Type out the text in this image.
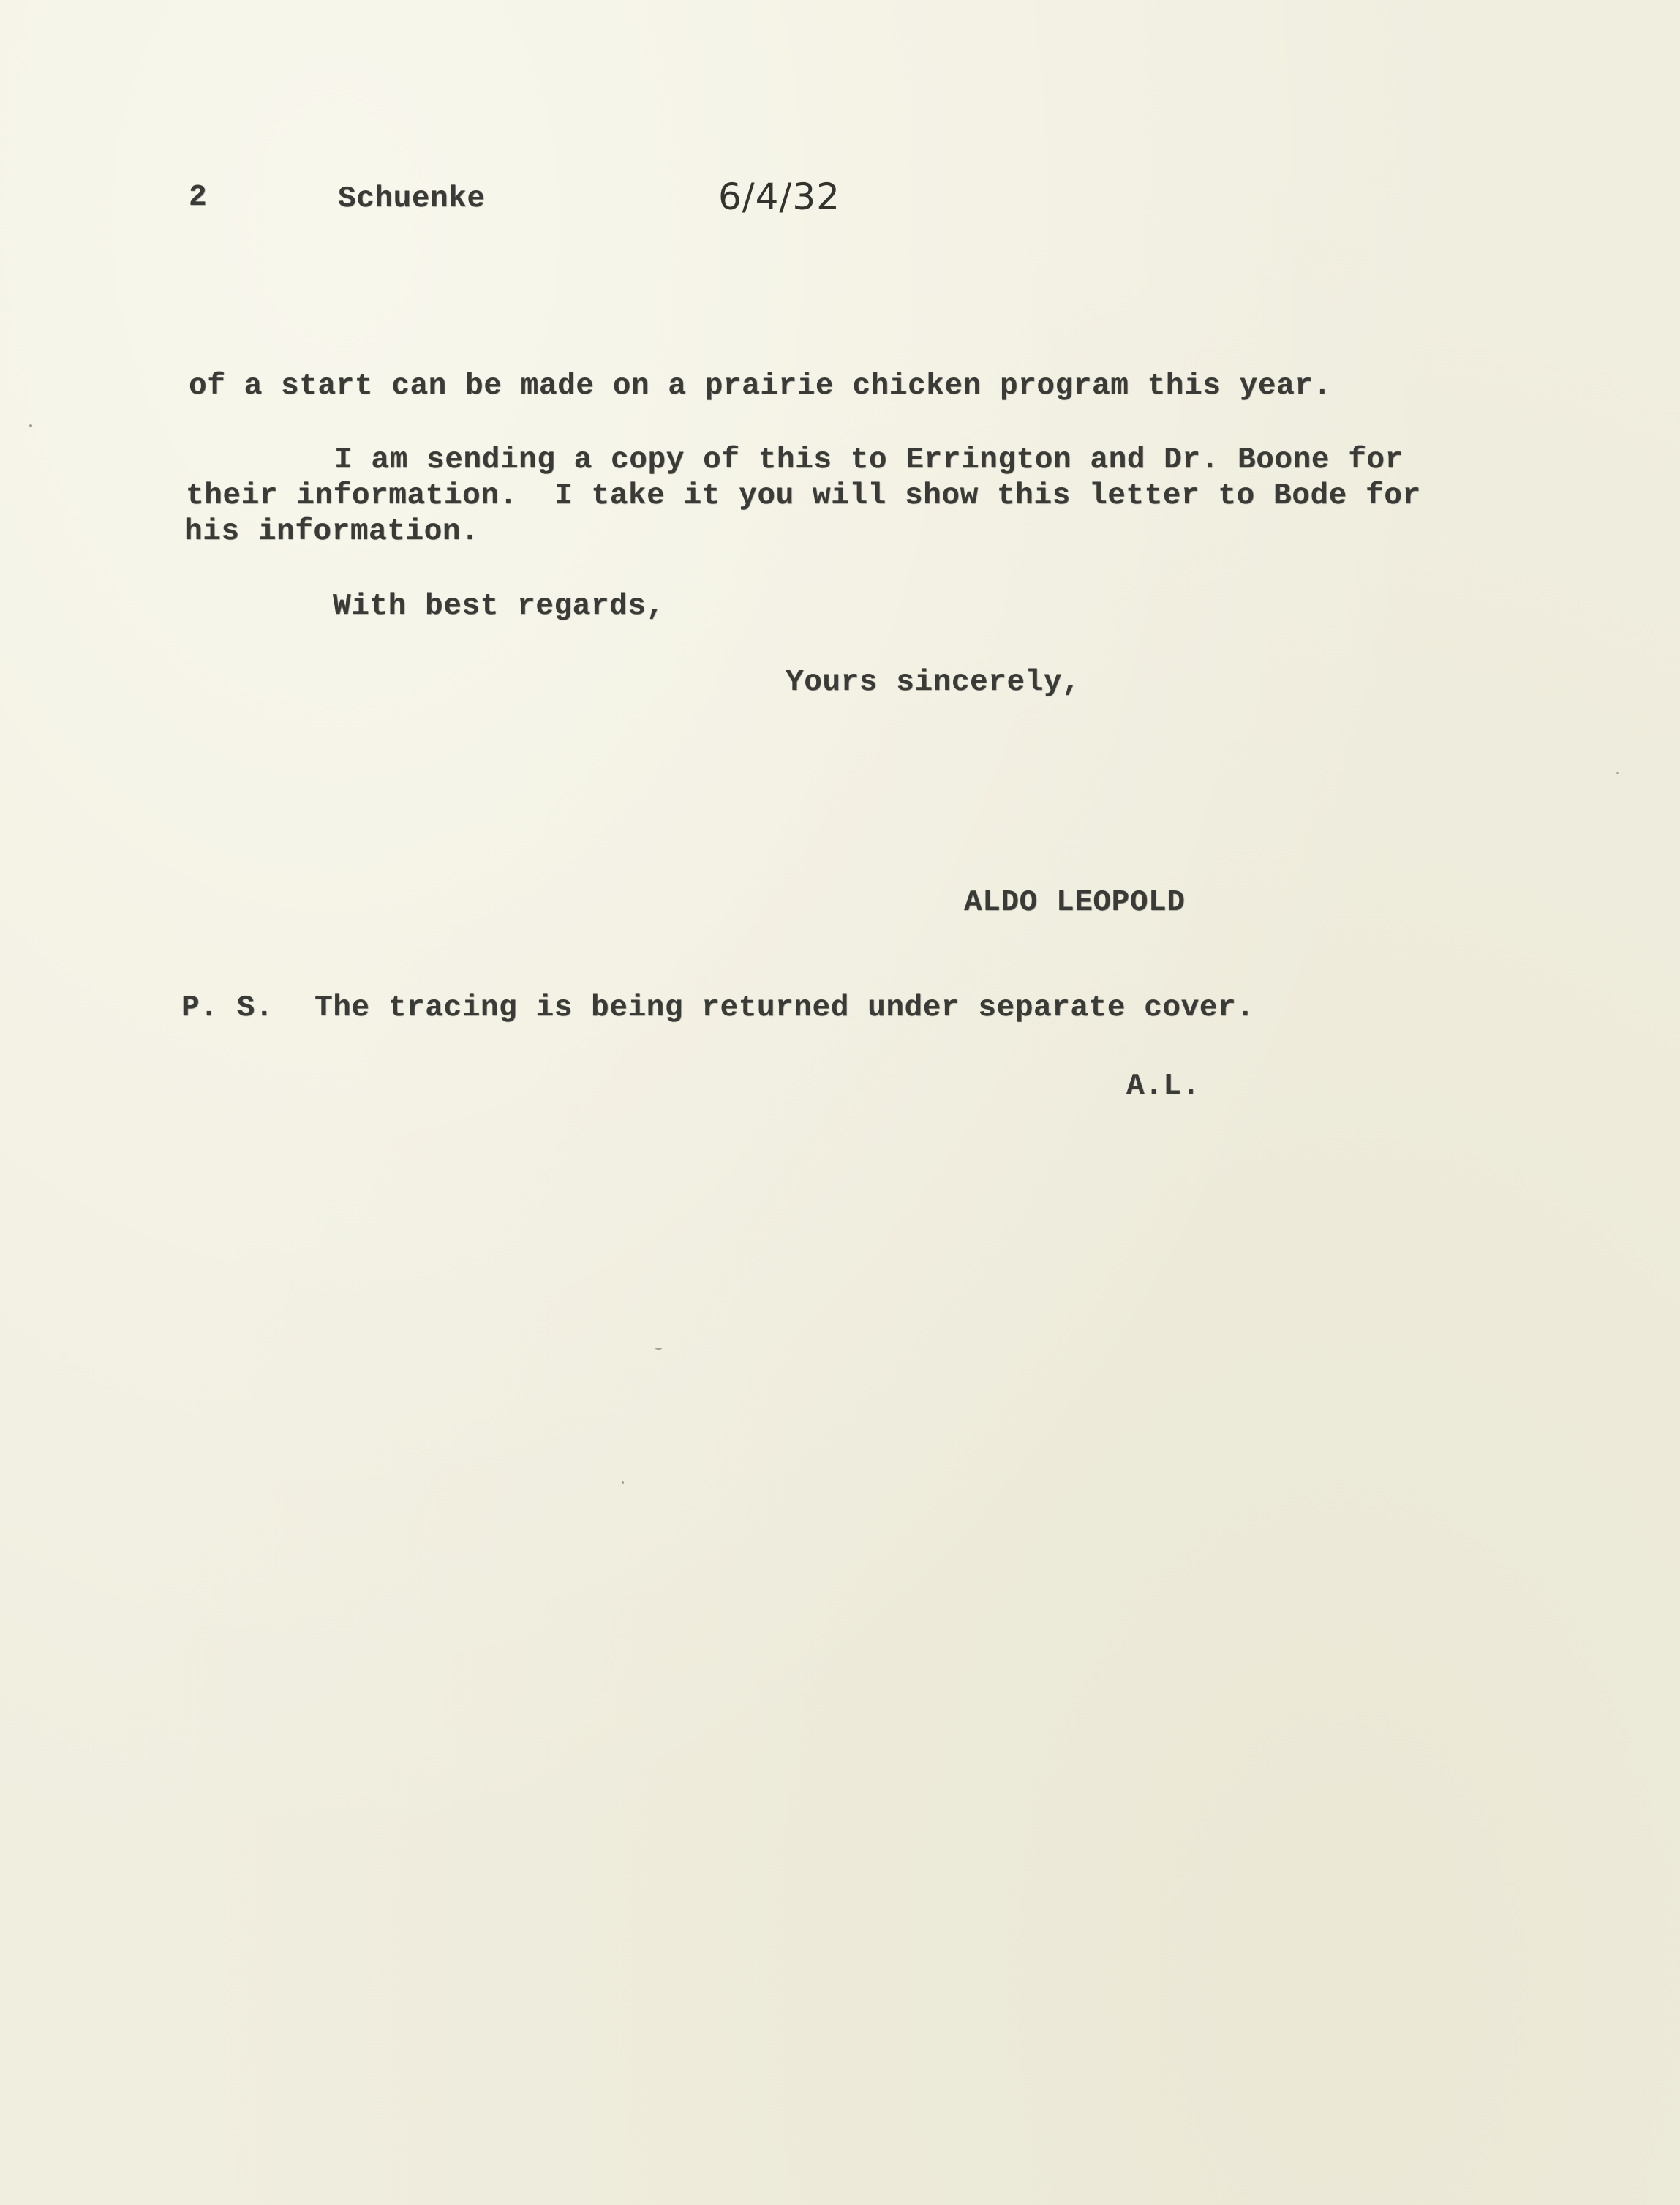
2	Schuenke	6/4/32
of a start can be made on a prairie chicken program this year.
I am sending a copy of this to Errington and Dr. Boone for
their information.  I take it you will show this letter to Bode for
his information.
With best regards,
Yours sincerely,
ALDO LEOPOLD
P. S. The tracing is being returned under separate cover.
A.L.
